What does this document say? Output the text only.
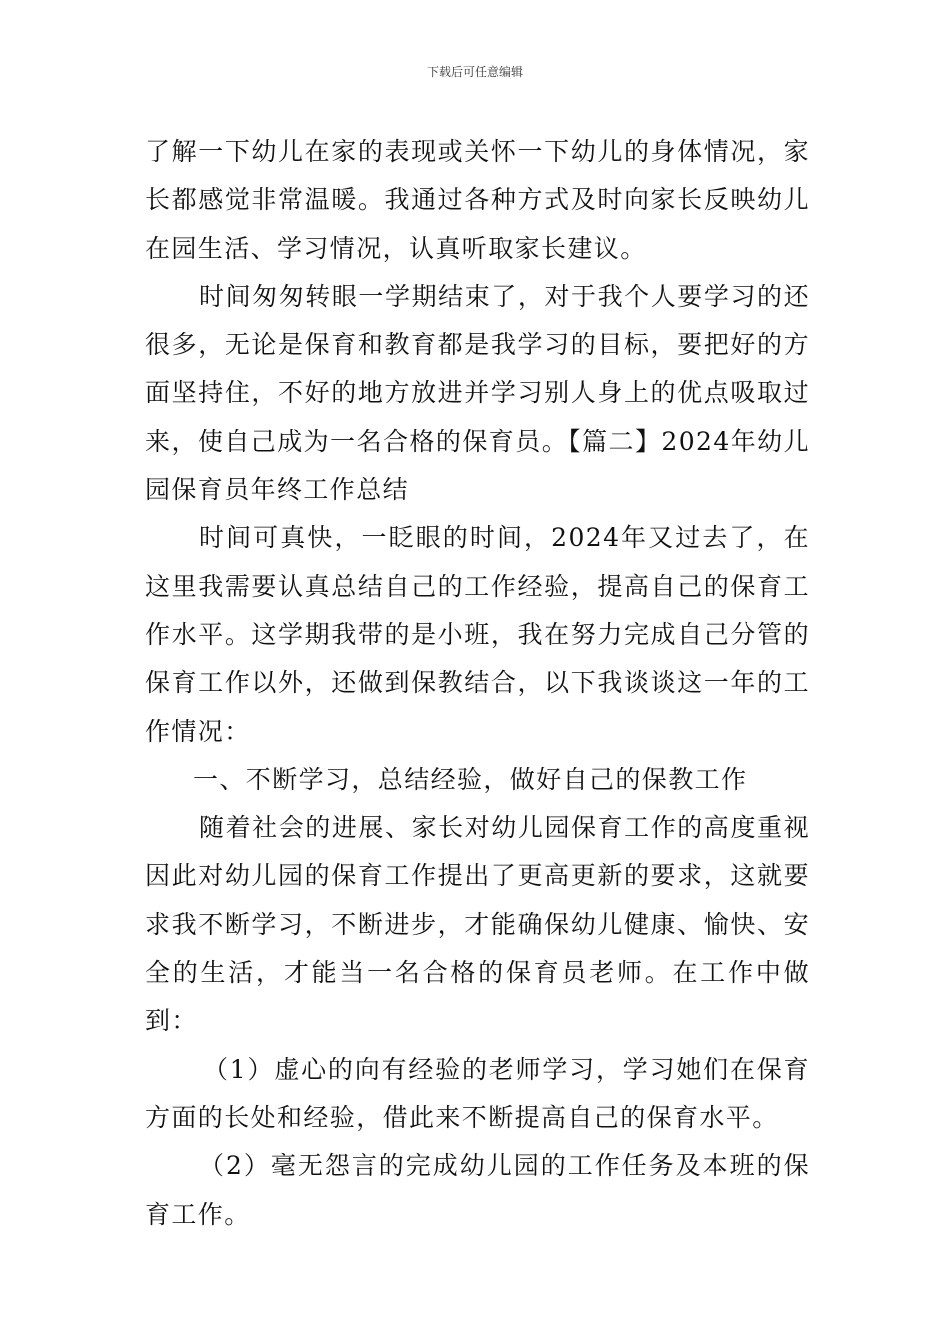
下载后可任意编辑

了解一下幼儿在家的表现或关怀一下幼儿的身体情况，家长都感觉非常温暖。我通过各种方式及时向家长反映幼儿在园生活、学习情况，认真听取家长建议。

时间匆匆转眼一学期结束了，对于我个人要学习的还很多，无论是保育和教育都是我学习的目标，要把好的方面坚持住，不好的地方放进并学习别人身上的优点吸取过来，使自己成为一名合格的保育员。【篇二】2024年幼儿园保育员年终工作总结

时间可真快，一眨眼的时间，2024年又过去了，在这里我需要认真总结自己的工作经验，提高自己的保育工作水平。这学期我带的是小班，我在努力完成自己分管的保育工作以外，还做到保教结合，以下我谈谈这一年的工作情况：

一、不断学习，总结经验，做好自己的保教工作

随着社会的进展、家长对幼儿园保育工作的高度重视因此对幼儿园的保育工作提出了更高更新的要求，这就要求我不断学习，不断进步，才能确保幼儿健康、愉快、安全的生活，才能当一名合格的保育员老师。在工作中做到：

（1）虚心的向有经验的老师学习，学习她们在保育方面的长处和经验，借此来不断提高自己的保育水平。

（2）毫无怨言的完成幼儿园的工作任务及本班的保育工作。
